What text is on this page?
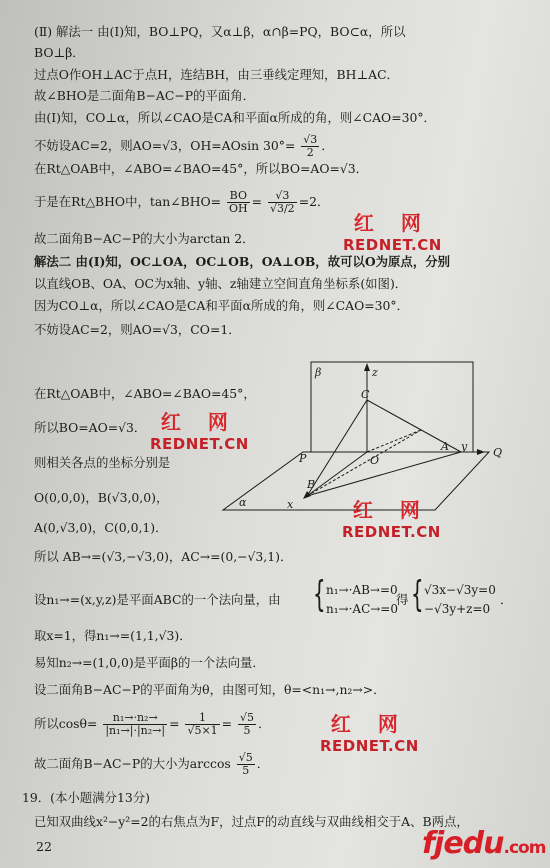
(Ⅱ) 解法一 由(Ⅰ)知，BO⊥PQ，又α⊥β，α∩β=PQ，BO⊂α，所以
BO⊥β．
过点O作OH⊥AC于点H，连结BH，由三垂线定理知，BH⊥AC．
故∠BHO是二面角B−AC−P的平面角．
由(Ⅰ)知，CO⊥α，所以∠CAO是CA和平面α所成的角，则∠CAO=30°．
不妨设AC=2，则AO=√3，OH=AOsin $30^\circ= \frac{√3}{2}$ ．
在Rt△OAB中，∠ABO=∠BAO=45°，所以BO=AO=√3．
于是在Rt△BHO中，tan∠BHO= $\frac{BO}{OH} = \frac{√3}{√3/2} =2$．
故二面角B−AC−P的大小为arctan 2．
解法二 由(Ⅰ)知，OC⊥OA，OC⊥OB，OA⊥OB，故可以O为原点，分别
以直线OB、OA、OC为x轴、y轴、z轴建立空间直角坐标系(如图)．
因为CO⊥α，所以∠CAO是CA和平面α所成的角，则∠CAO=30°．
不妨设AC=2，则AO=√3，CO=1．
在Rt△OAB中，∠ABO=∠BAO=45°，
所以BO=AO=√3．
则相关各点的坐标分别是
O(0,0,0)，B(√3,0,0)，
A(0,√3,0)，C(0,0,1)．
所以 AB→=(√3,−√3,0)，AC→=(0,−√3,1)．
设n₁→=(x,y,z)是平面ABC的一个法向量，由 { n₁→·AB→=0
n₁→·AC→=0
得 { √3x−√3y=0
−√3y+z=0
．
取x=1，得n₁→=(1,1,√3)．
易知n₂→=(1,0,0)是平面β的一个法向量．
设二面角B−AC−P的平面角为θ，由图可知，θ=<n₁→,n₂→>．
所以$\cos\theta= \frac{\text{n₁→·n₂→}}{\text{|n₁→|·|n₂→|}} = \frac{1}{√5\times 1} = \frac{√5}{5}$ ．
故二面角B−AC−P的大小为$\arccos \frac{√5}{5}$ ．
19．(本小题满分13分)
已知双曲线x²−y²=2的右焦点为F，过点F的动直线与双曲线相交于A、B两点，
β	z
C
P	O
A y Q
B
x
α
红 网
REDNET.CN
红 网
REDNET.CN
红 网
REDNET.CN
红 网
REDNET.CN
22	fjedu.com
